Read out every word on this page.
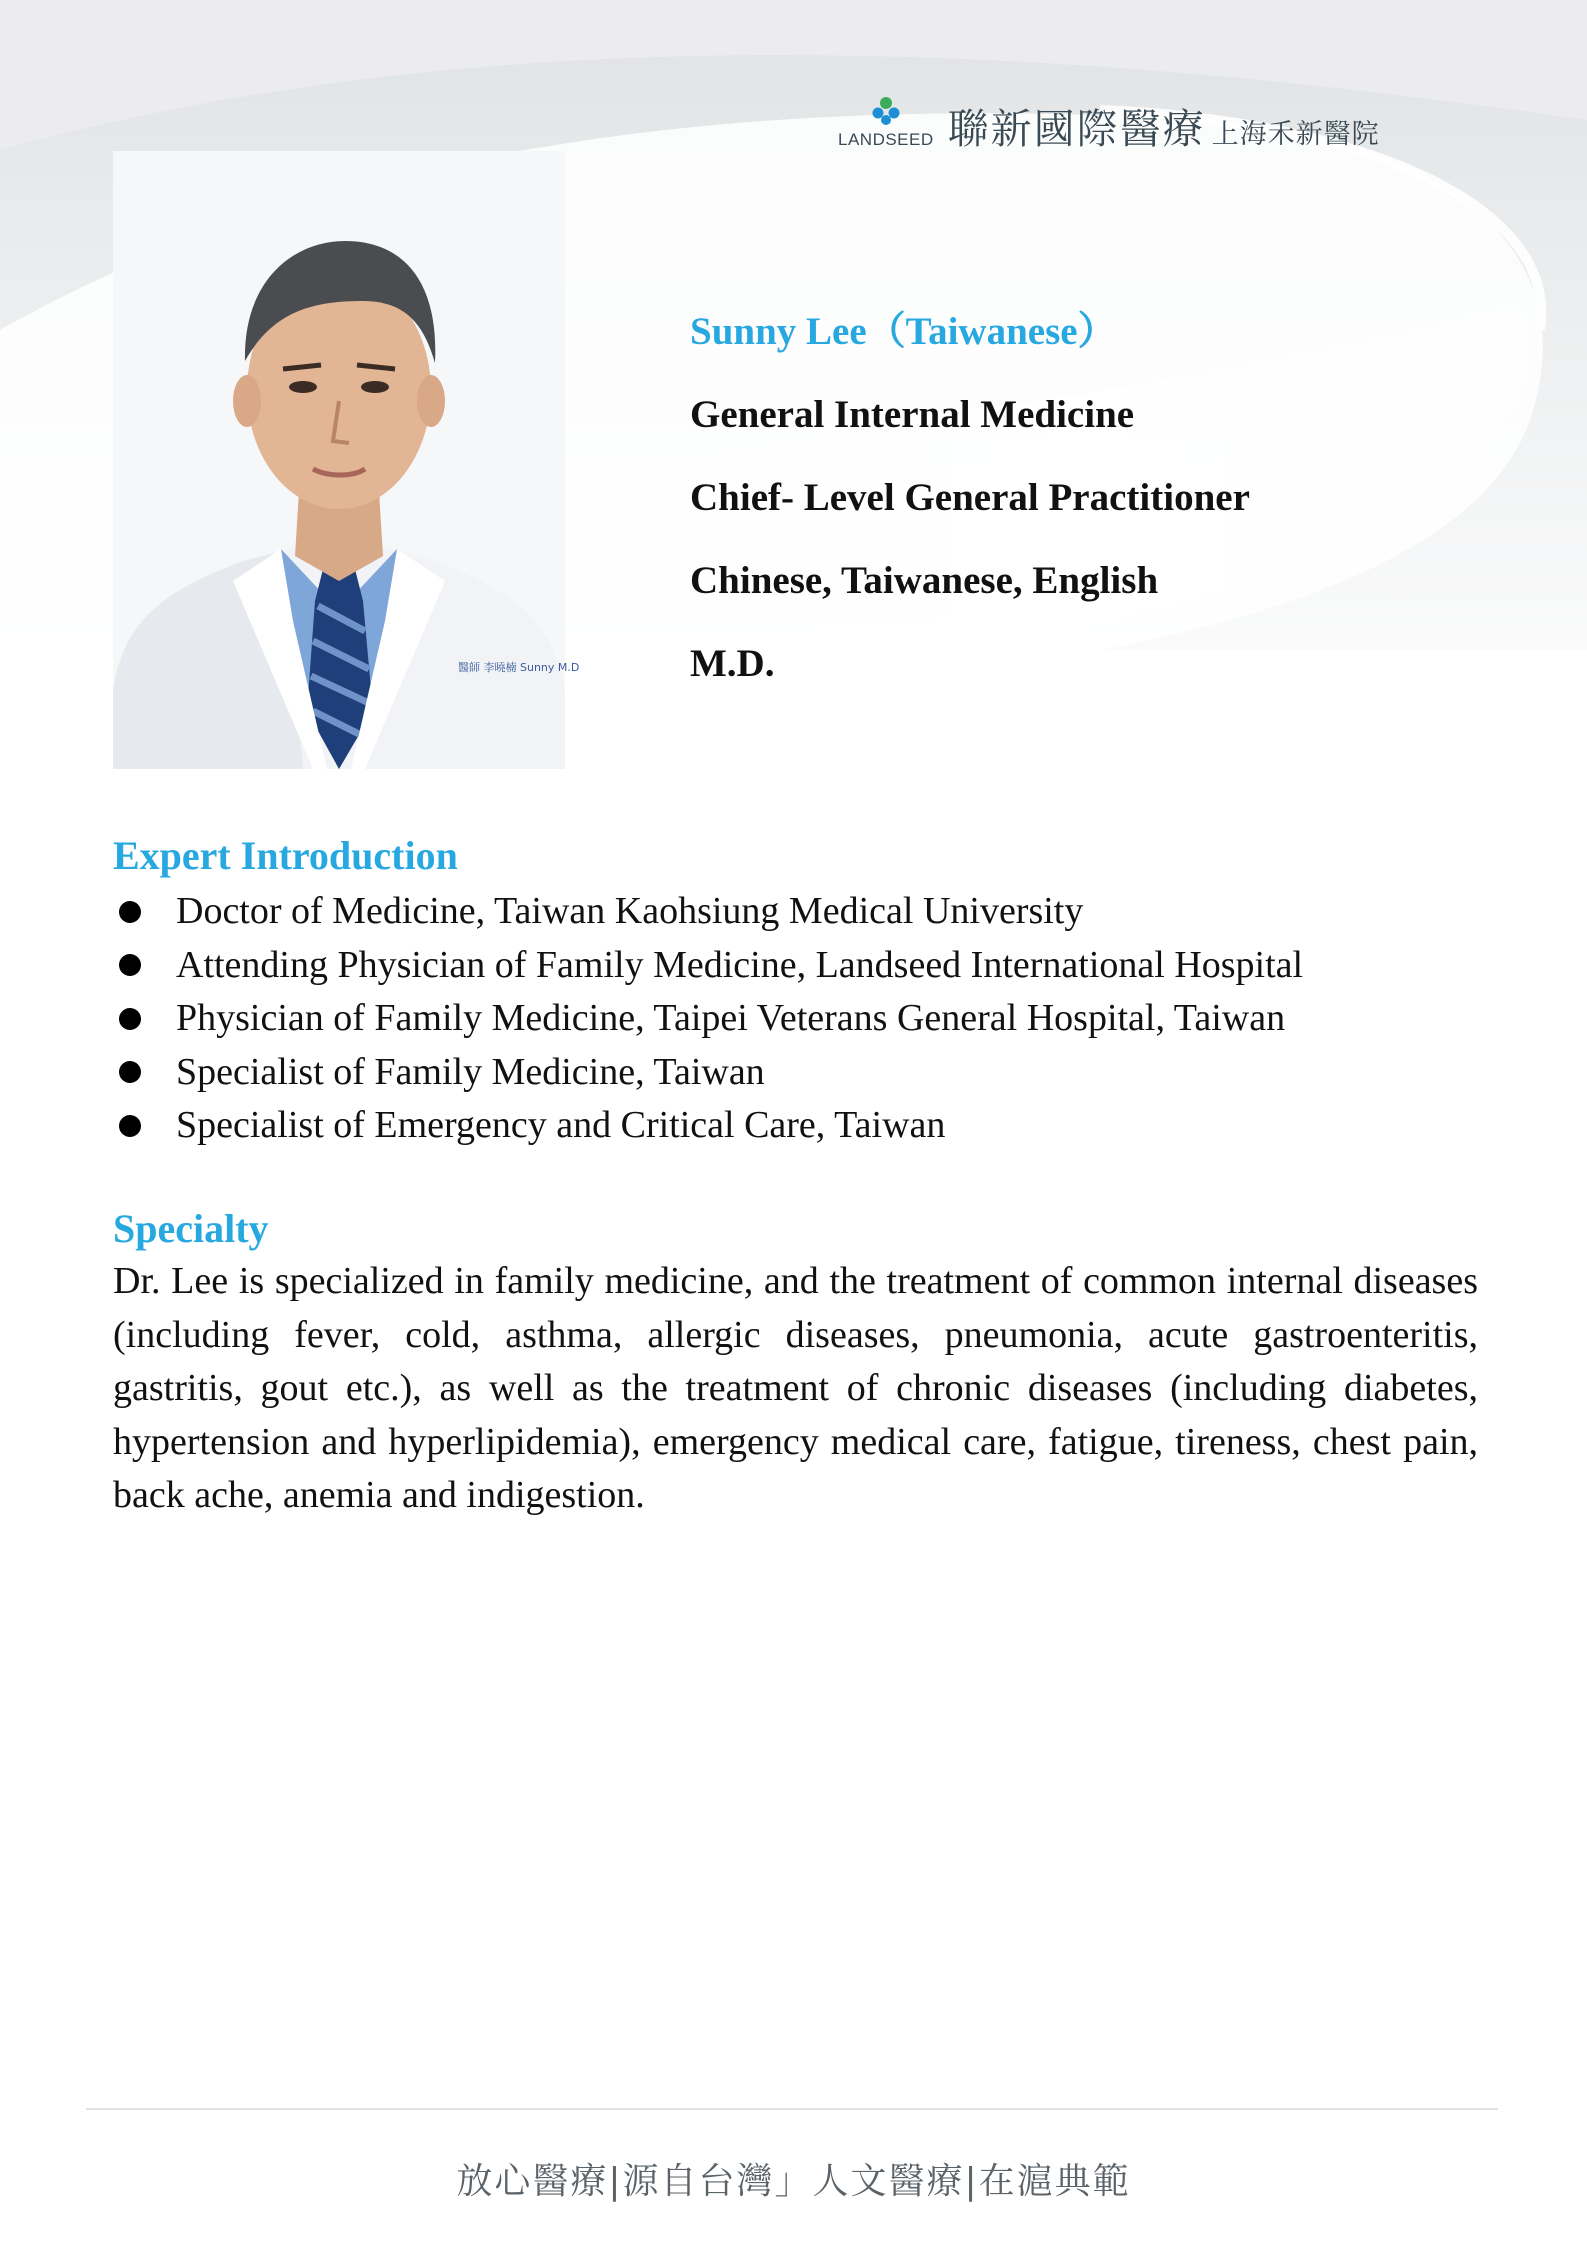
LANDSEED 聯新國際醫療 上海禾新醫院
醫師 李曉楠 Sunny M.D

Sunny Lee（Taiwanese）

General Internal Medicine

Chief- Level General Practitioner

Chinese, Taiwanese, English

M.D.

Expert Introduction
Doctor of Medicine, Taiwan Kaohsiung Medical University
Attending Physician of Family Medicine, Landseed International Hospital
Physician of Family Medicine, Taipei Veterans General Hospital, Taiwan
Specialist of Family Medicine, Taiwan
Specialist of Emergency and Critical Care, Taiwan
Specialty

Dr. Lee is specialized in family medicine, and the treatment of common internal diseases (including fever, cold, asthma, allergic diseases, pneumonia, acute gastroenteritis, gastritis, gout etc.), as well as the treatment of chronic diseases (including diabetes, hypertension and hyperlipidemia), emergency medical care, fatigue, tireness, chest pain, back ache, anemia and indigestion.

放心醫療|源自台灣」人文醫療|在滬典範
